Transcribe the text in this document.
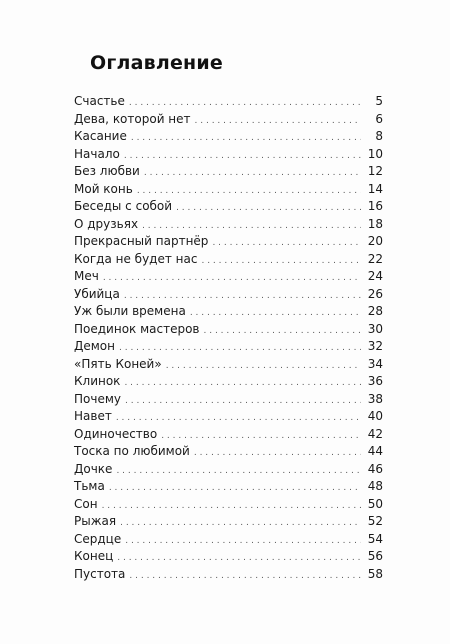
Оглавление
Счастье . . .	5
Дева, которой нет . . .	6
Касание . . .	8
Начало . . .	10
Без любви . . .	12
Мой конь . . .	14
Беседы с собой . . .	16
О друзьях . . .	18
Прекрасный партнёр . . .	20
Когда не будет нас . . .	22
Меч . . .	24
Убийца . . .	26
Уж были времена . . .	28
Поединок мастеров . . .	30
Демон . . .	32
«Пять Коней» . . .	34
Клинок . . .	36
Почему . . .	38
Навет . . .	40
Одиночество . . .	42
Тоска по любимой . . .	44
Дочке . . .	46
Тьма . . .	48
Сон . . .	50
Рыжая . . .	52
Сердце . . .	54
Конец . . .	56
Пустота . . .	58
